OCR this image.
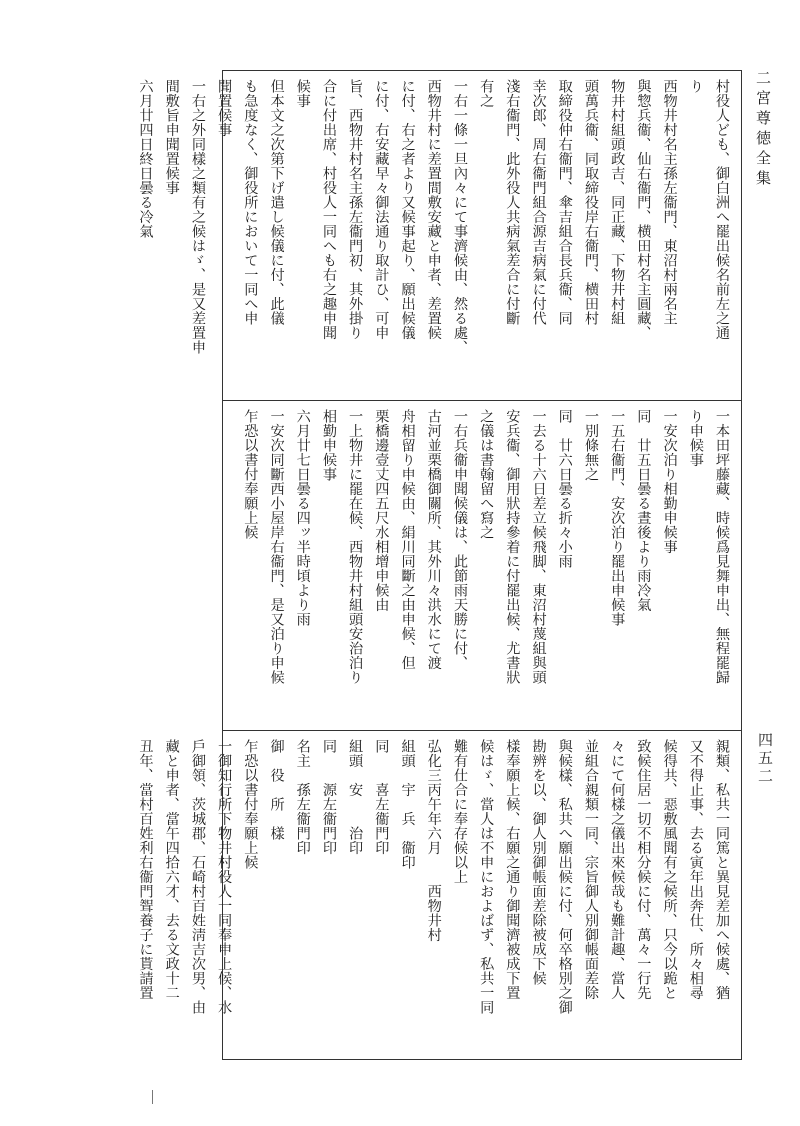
二宮尊徳全集
四五二
村役人ども、御白洲へ罷出候名前左之通
り
西物井村名主孫左衞門、東沼村兩名主
與惣兵衞、仙右衞門、横田村名主圓藏、
物井村組頭政吉、同正藏、下物井村組
頭萬兵衞、同取締役岸右衞門、横田村
取締役仲右衞門、傘吉組合長兵衞、同
幸次郎、周右衞門組合源吉病氣に付代
淺右衞門、此外役人共病氣差合に付斷
有之
一右一條一旦內々にて事濟候由、然る處、
西物井村に差置間敷安藏と申者、差置候
に付、右之者より又候事起り、願出候儀
に付、右安藏早々御法通り取計ひ、可申
旨、西物井村名主孫左衞門初、其外掛り
合に付出席、村役人一同へも右之趣申聞
候事
但本文之次第下げ遣し候儀に付、此儀
も急度なく、御役所において一同へ申
聞置候事
一右之外同樣之類有之候はゞ、是又差置申
間敷旨申聞置候事
六月廿四日終日曇る冷氣
一本田坪藤藏、時候爲見舞申出、無程罷歸
り申候事
一安次泊り相勤申候事
同　廿五日曇る晝後より雨冷氣
一五右衞門、安次泊り罷出申候事
一別條無之
同　廿六日曇る折々小雨
一去る十六日差立候飛脚、東沼村蔑組與頭
安兵衞、御用狀持參着に付罷出候、尤書狀
之儀は書翰留へ寫之
一右兵衞申聞候儀は、此節雨天勝に付、
古河並栗橋御關所、其外川々洪水にて渡
舟相留り申候由、絹川同斷之由申候、但
栗橋邊壹丈四五尺水相增申候由
一上物井に罷在候、西物井村組頭安治泊り
相勤申候事
六月廿七日曇る四ッ半時頃より雨
一安次同斷西小屋岸右衞門、是又泊り申候
乍恐以書付奉願上候
親類、私共一同篤と異見差加へ候處、猶
又不得止事、去る寅年出奔仕、所々相尋
候得共、惡敷風聞有之候所、只今以跪と
致候住居一切不相分候に付、萬々一行先
々にて何樣之儀出來候哉も難計趣、當人
並組合親類一同、宗旨御人別御帳面差除
與候樣、私共へ願出候に付、何卒格別之御
勘辨を以、御人別御帳面差除被成下候
樣奉願上候、右願之通り御聞濟被成下置
候はゞ、當人は不申におよばず、私共一同
難有仕合に奉存候以上
弘化三丙午年六月　　西物井村
組頭　宇　兵　衞印
同　　喜左衞門印
組頭　安　　治印
同　　源左衞門印
名主　孫左衞門印
御　役　所　樣
乍恐以書付奉願上候
一御知行所下物井村役人一同奉申上候、水
戶御領、茨城郡、石崎村百姓淸吉次男、由
藏と申者、當午四拾六才、去る文政十二
丑年、當村百姓利右衞門聟養子に貰請置
